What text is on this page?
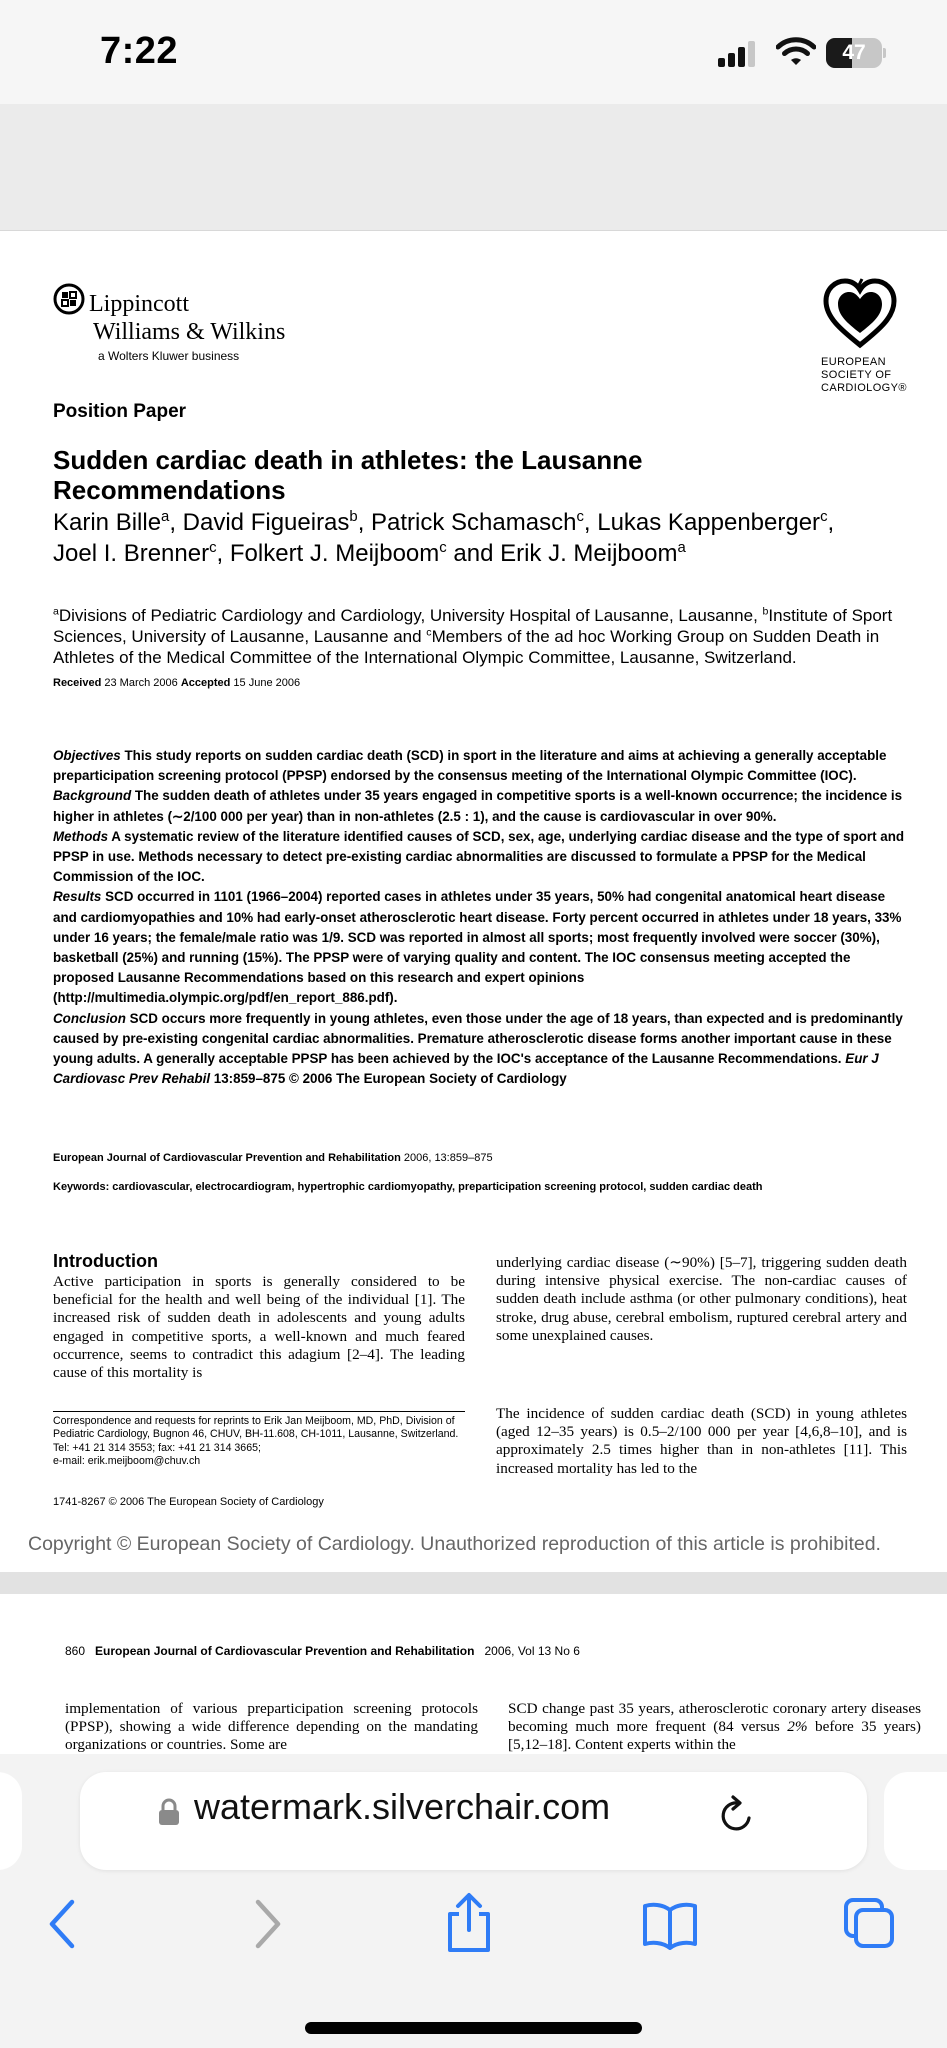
7:22	47
Lippincott
Williams & Wilkins
a Wolters Kluwer business	EUROPEAN
SOCIETY OF
CARDIOLOGY®
Position Paper
Sudden cardiac death in athletes: the Lausanne Recommendations
Karin Bille$^a$, David Figueiras$^b$, Patrick Schamasch$^c$, Lukas Kappenberger$^c$,
Joel I. Brenner$^c$, Folkert J. Meijboom$^c$ and Erik J. Meijboom$^a$
$^a$Divisions of Pediatric Cardiology and Cardiology, University Hospital of Lausanne, Lausanne, $^b$Institute of Sport Sciences, University of Lausanne, Lausanne and $^c$Members of the ad hoc Working Group on Sudden Death in Athletes of the Medical Committee of the International Olympic Committee, Lausanne, Switzerland.
Received 23 March 2006 Accepted 15 June 2006

Objectives This study reports on sudden cardiac death (SCD) in sport in the literature and aims at achieving a generally acceptable preparticipation screening protocol (PPSP) endorsed by the consensus meeting of the International Olympic Committee (IOC).

Background The sudden death of athletes under 35 years engaged in competitive sports is a well-known occurrence; the incidence is higher in athletes (∼2/100 000 per year) than in non-athletes (2.5 : 1), and the cause is cardiovascular in over 90%.

Methods A systematic review of the literature identified causes of SCD, sex, age, underlying cardiac disease and the type of sport and PPSP in use. Methods necessary to detect pre-existing cardiac abnormalities are discussed to formulate a PPSP for the Medical Commission of the IOC.

Results SCD occurred in 1101 (1966–2004) reported cases in athletes under 35 years, 50% had congenital anatomical heart disease and cardiomyopathies and 10% had early-onset atherosclerotic heart disease. Forty percent occurred in athletes under 18 years, 33% under 16 years; the female/male ratio was 1/9. SCD was reported in almost all sports; most frequently involved were soccer (30%), basketball (25%) and running (15%). The PPSP were of varying quality and content. The IOC consensus meeting accepted the proposed Lausanne Recommendations based on this research and expert opinions (http://multimedia.olympic.org/pdf/en_report_886.pdf).

Conclusion SCD occurs more frequently in young athletes, even those under the age of 18 years, than expected and is predominantly caused by pre-existing congenital cardiac abnormalities. Premature atherosclerotic disease forms another important cause in these young adults. A generally acceptable PPSP has been achieved by the IOC's acceptance of the Lausanne Recommendations. Eur J Cardiovasc Prev Rehabil 13:859–875 © 2006 The European Society of Cardiology

European Journal of Cardiovascular Prevention and Rehabilitation 2006, 13:859–875
Keywords: cardiovascular, electrocardiogram, hypertrophic cardiomyopathy, preparticipation screening protocol, sudden cardiac death
Introduction
Active participation in sports is generally considered to be beneficial for the health and well being of the individual [1]. The increased risk of sudden death in adolescents and young adults engaged in competitive sports, a well-known and much feared occurrence, seems to contradict this adagium [2–4]. The leading cause of this mortality is
underlying cardiac disease (∼90%) [5–7], triggering sudden death during intensive physical exercise. The non-cardiac causes of sudden death include asthma (or other pulmonary conditions), heat stroke, drug abuse, cerebral embolism, ruptured cerebral artery and some unexplained causes.
The incidence of sudden cardiac death (SCD) in young athletes (aged 12–35 years) is 0.5–2/100 000 per year [4,6,8–10], and is approximately 2.5 times higher than in non-athletes [11]. This increased mortality has led to the
Correspondence and requests for reprints to Erik Jan Meijboom, MD, PhD, Division of Pediatric Cardiology, Bugnon 46, CHUV, BH-11.608, CH-1011, Lausanne, Switzerland.
Tel: +41 21 314 3553; fax: +41 21 314 3665;
e-mail: erik.meijboom@chuv.ch
1741-8267 © 2006 The European Society of Cardiology
Copyright © European Society of Cardiology. Unauthorized reproduction of this article is prohibited.
860 European Journal of Cardiovascular Prevention and Rehabilitation 2006, Vol 13 No 6
implementation of various preparticipation screening protocols (PPSP), showing a wide difference depending on the mandating organizations or countries. Some are
SCD change past 35 years, atherosclerotic coronary artery diseases becoming much more frequent (84 versus 2% before 35 years) [5,12–18]. Content experts within the
watermark.silverchair.com
